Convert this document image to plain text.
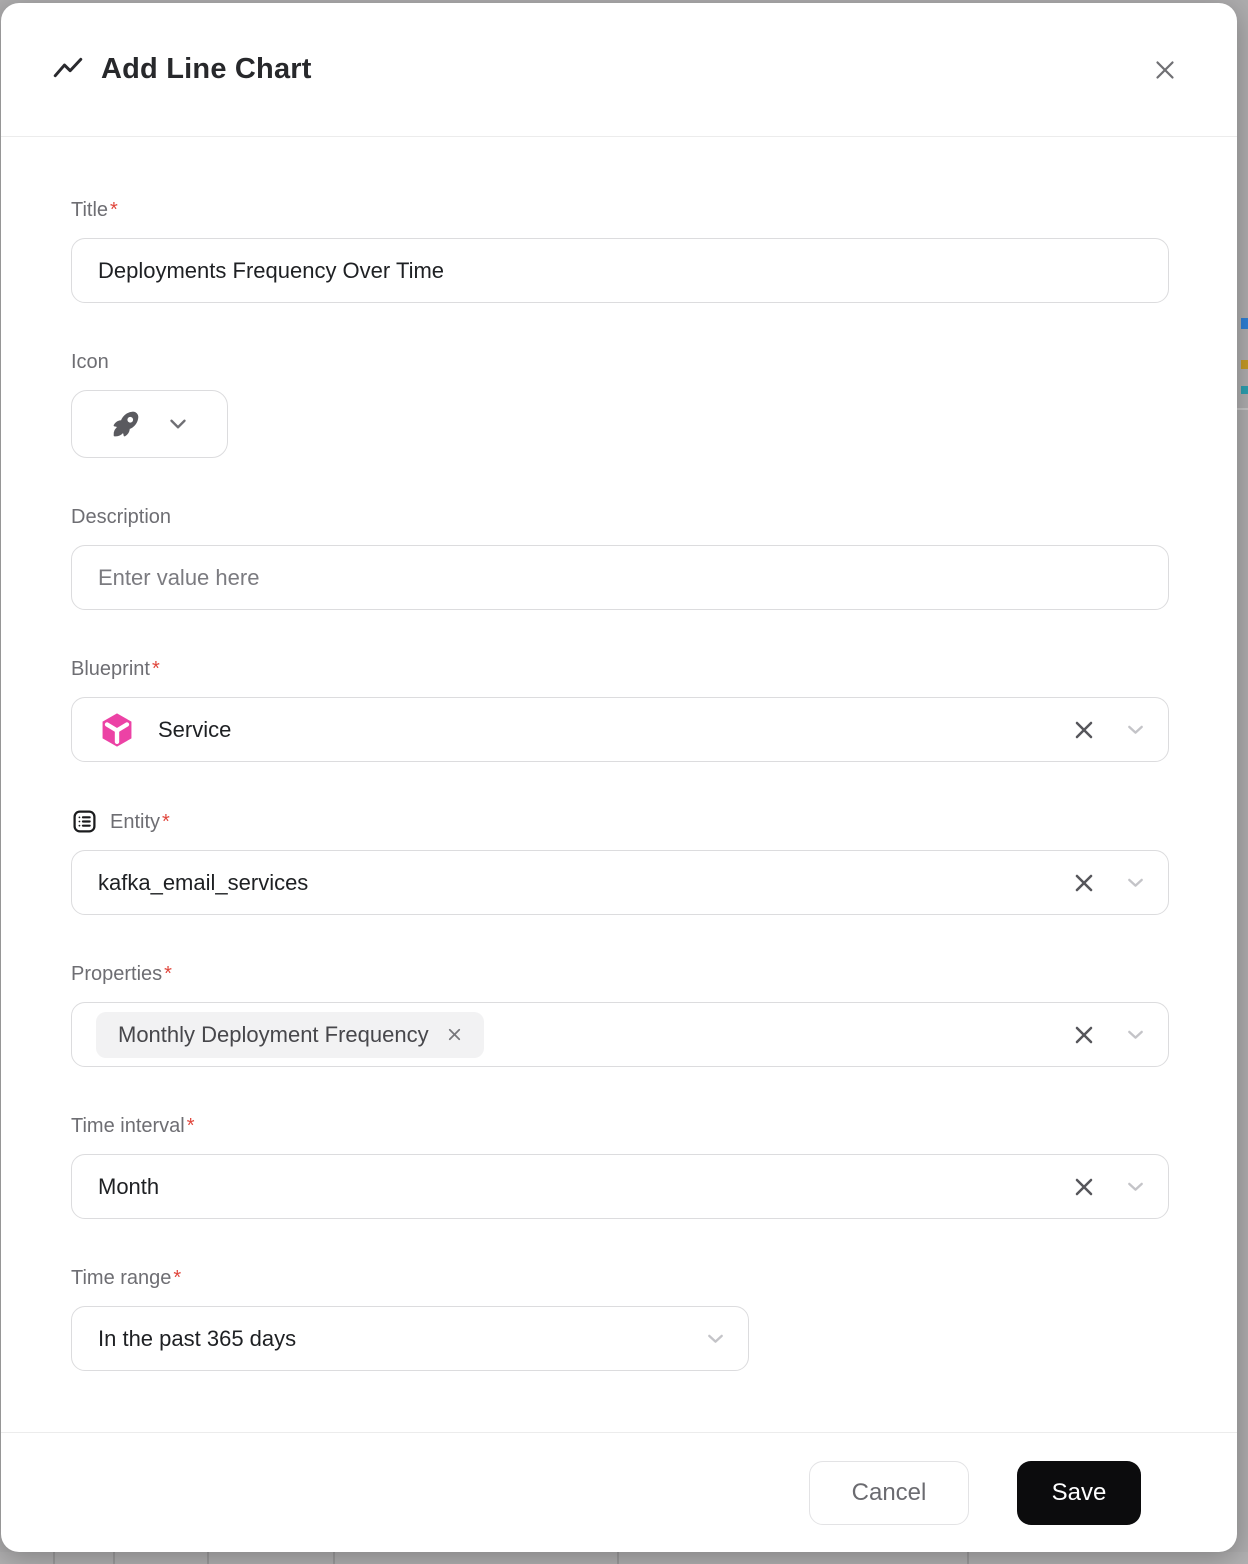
Add Line Chart
Title *
Deployments Frequency Over Time
Icon
Description
Enter value here
Blueprint *
Service
Entity *
kafka_email_services
Properties *
Monthly Deployment Frequency
Time interval *
Month
Time range *
In the past 365 days
Cancel	Save
